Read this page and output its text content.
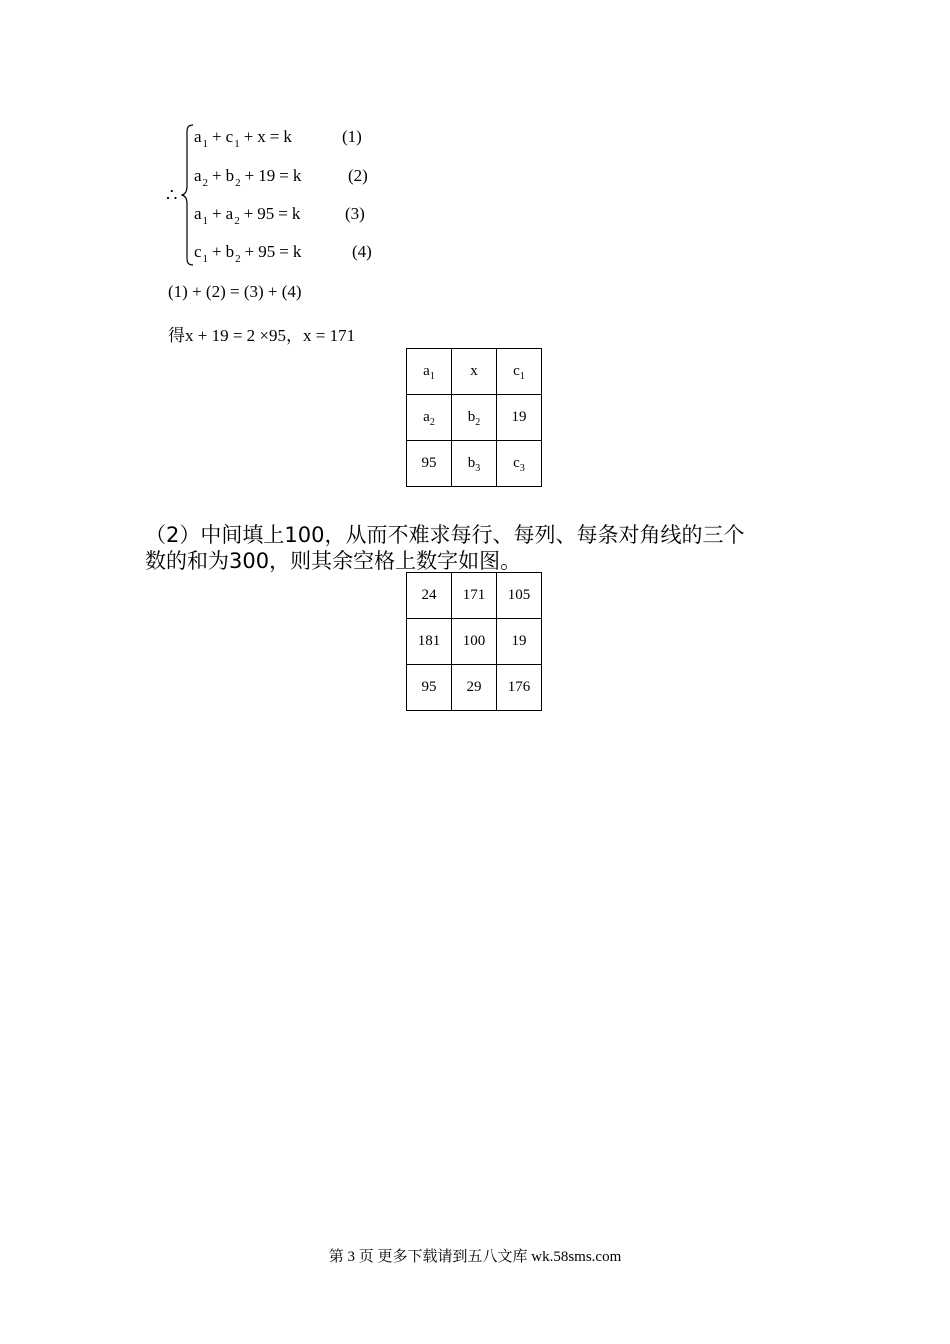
∴
$a_1 + c_1 + x = k$	(1)
$a_2 + b_2 + 19 = k$	(2)
$a_1 + a_2 + 95 = k$	(3)
$c_1 + b_2 + 95 = k$	(4)
(1) + (2) = (3) + (4)
得x + 19 = 2 ×95，x = 171
$a_1$	x	$c_1$
$a_2$	$b_2$	19
95	$b_3$	$c_3$
（2）中间填上100，从而不难求每行、每列、每条对角线的三个
数的和为300，则其余空格上数字如图。
24	171	105
181	100	19
95	29	176
第 3 页 更多下载请到五八文库 wk.58sms.com
